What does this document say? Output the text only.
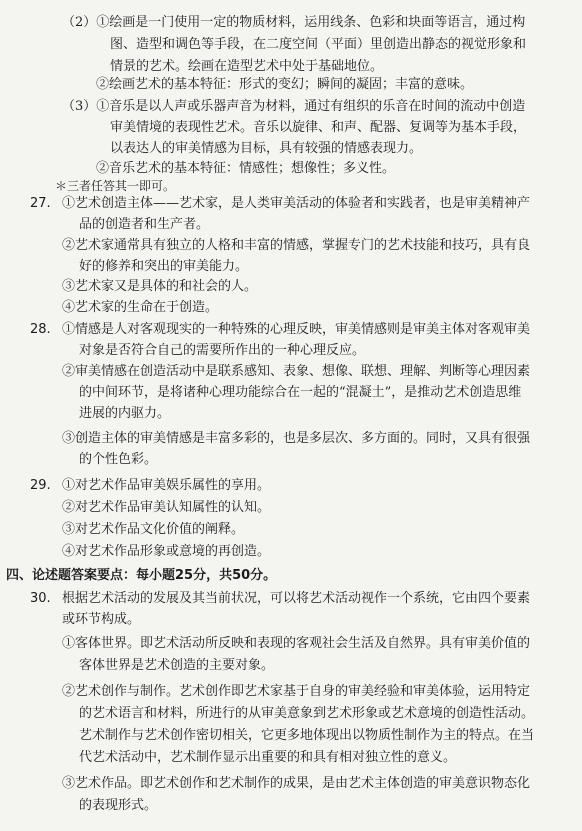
（2）①绘画是一门使用一定的物质材料，运用线条、色彩和块面等语言，通过构
图、造型和调色等手段，在二度空间（平面）里创造出静态的视觉形象和
情景的艺术。绘画在造型艺术中处于基础地位。
②绘画艺术的基本特征：形式的变幻；瞬间的凝固；丰富的意味。
（3）①音乐是以人声或乐器声音为材料，通过有组织的乐音在时间的流动中创造
审美情境的表现性艺术。音乐以旋律、和声、配器、复调等为基本手段，
以表达人的审美情感为目标，具有较强的情感表现力。
②音乐艺术的基本特征：情感性；想像性；多义性。
＊三者任答其一即可。
27. ①艺术创造主体——艺术家，是人类审美活动的体验者和实践者，也是审美精神产
品的创造者和生产者。
②艺术家通常具有独立的人格和丰富的情感，掌握专门的艺术技能和技巧，具有良
好的修养和突出的审美能力。
③艺术家又是具体的和社会的人。
④艺术家的生命在于创造。
28. ①情感是人对客观现实的一种特殊的心理反映，审美情感则是审美主体对客观审美
对象是否符合自己的需要所作出的一种心理反应。
②审美情感在创造活动中是联系感知、表象、想像、联想、理解、判断等心理因素
的中间环节，是将诸种心理功能综合在一起的“混凝土”，是推动艺术创造思维
进展的内驱力。
③创造主体的审美情感是丰富多彩的，也是多层次、多方面的。同时，又具有很强
的个性色彩。
29. ①对艺术作品审美娱乐属性的享用。
②对艺术作品审美认知属性的认知。
③对艺术作品文化价值的阐释。
④对艺术作品形象或意境的再创造。
四、论述题答案要点：每小题25分，共50分。
30. 根据艺术活动的发展及其当前状况，可以将艺术活动视作一个系统，它由四个要素
或环节构成。
①客体世界。即艺术活动所反映和表现的客观社会生活及自然界。具有审美价值的
客体世界是艺术创造的主要对象。
②艺术创作与制作。艺术创作即艺术家基于自身的审美经验和审美体验，运用特定
的艺术语言和材料，所进行的从审美意象到艺术形象或艺术意境的创造性活动。
艺术制作与艺术创作密切相关，它更多地体现出以物质性制作为主的特点。在当
代艺术活动中，艺术制作显示出重要的和具有相对独立性的意义。
③艺术作品。即艺术创作和艺术制作的成果，是由艺术主体创造的审美意识物态化
的表现形式。
